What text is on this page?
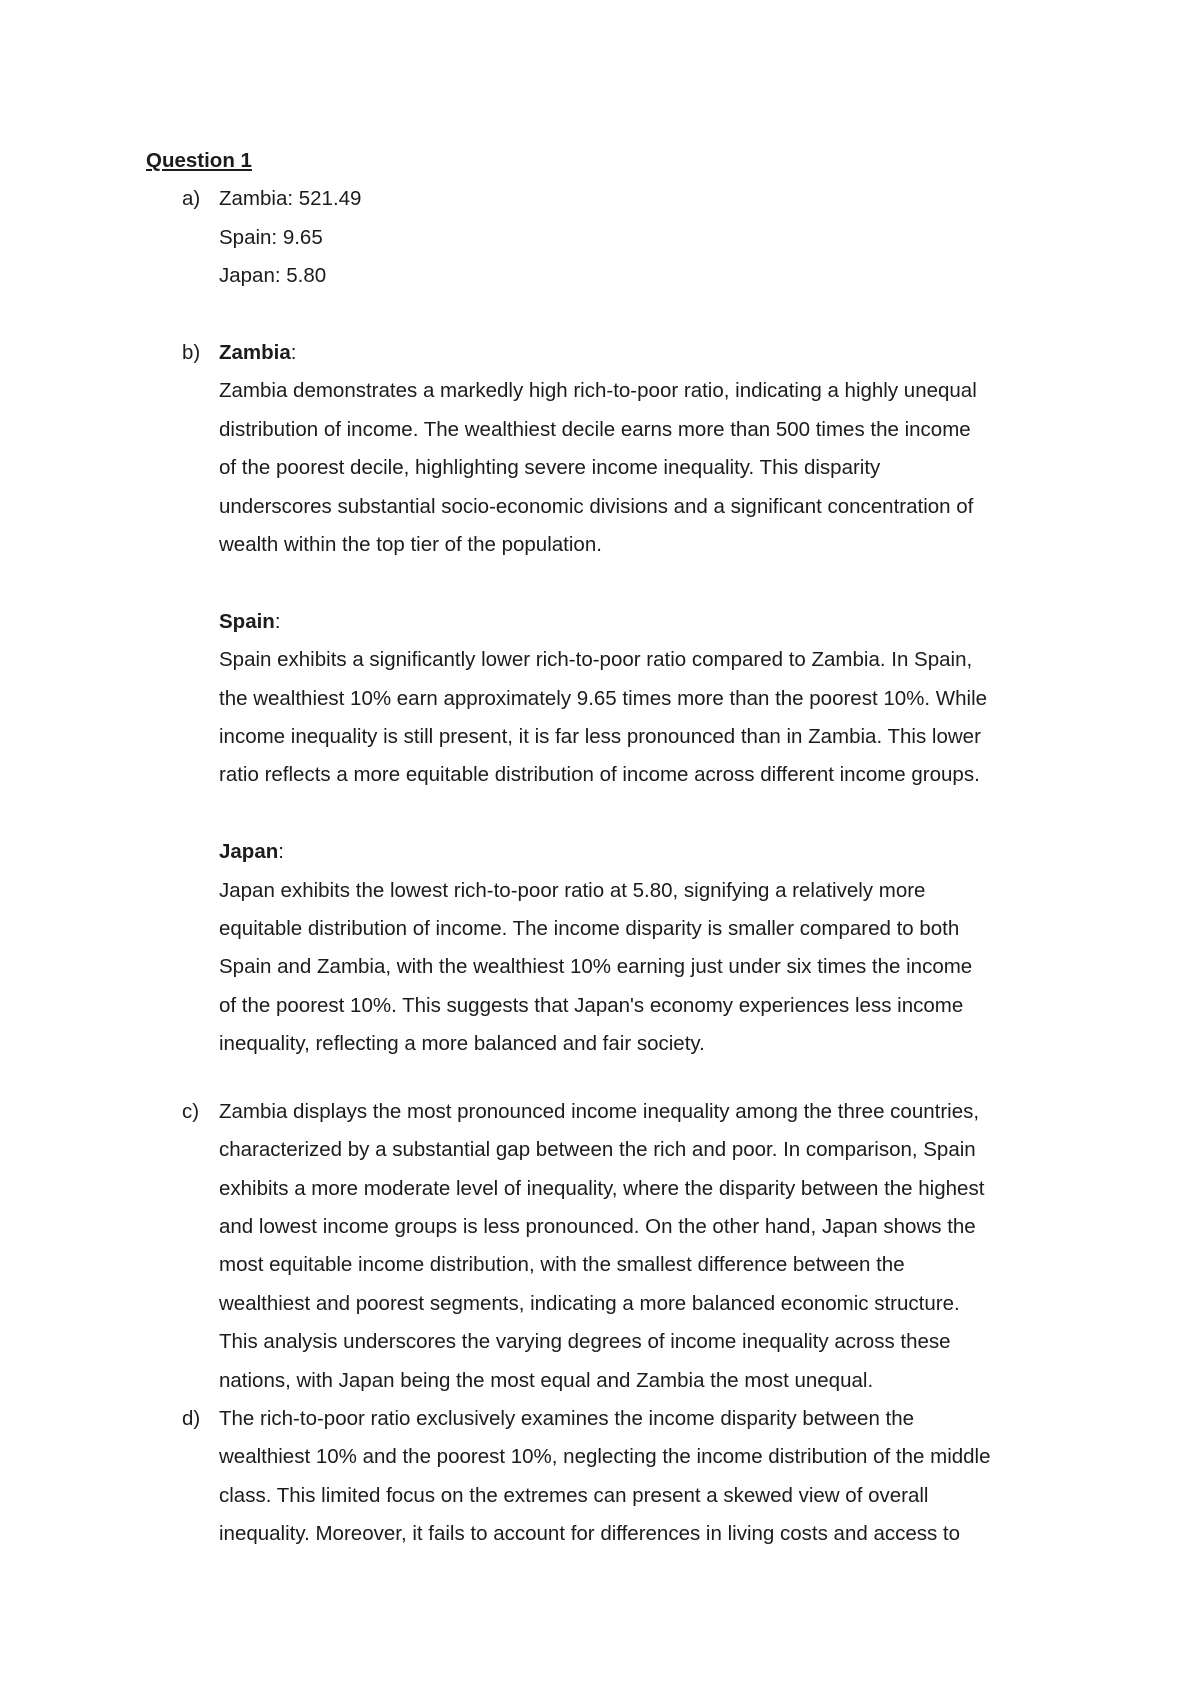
Question 1

a) Zambia: 521.49
Spain: 9.65
Japan: 5.80
b) Zambia:
Zambia demonstrates a markedly high rich-to-poor ratio, indicating a highly unequal
distribution of income. The wealthiest decile earns more than 500 times the income
of the poorest decile, highlighting severe income inequality. This disparity
underscores substantial socio-economic divisions and a significant concentration of
wealth within the top tier of the population.
Spain:
Spain exhibits a significantly lower rich-to-poor ratio compared to Zambia. In Spain,
the wealthiest 10% earn approximately 9.65 times more than the poorest 10%. While
income inequality is still present, it is far less pronounced than in Zambia. This lower
ratio reflects a more equitable distribution of income across different income groups.
Japan:
Japan exhibits the lowest rich-to-poor ratio at 5.80, signifying a relatively more
equitable distribution of income. The income disparity is smaller compared to both
Spain and Zambia, with the wealthiest 10% earning just under six times the income
of the poorest 10%. This suggests that Japan's economy experiences less income
inequality, reflecting a more balanced and fair society.
c) Zambia displays the most pronounced income inequality among the three countries,
characterized by a substantial gap between the rich and poor. In comparison, Spain
exhibits a more moderate level of inequality, where the disparity between the highest
and lowest income groups is less pronounced. On the other hand, Japan shows the
most equitable income distribution, with the smallest difference between the
wealthiest and poorest segments, indicating a more balanced economic structure.
This analysis underscores the varying degrees of income inequality across these
nations, with Japan being the most equal and Zambia the most unequal.
d) The rich-to-poor ratio exclusively examines the income disparity between the
wealthiest 10% and the poorest 10%, neglecting the income distribution of the middle
class. This limited focus on the extremes can present a skewed view of overall
inequality. Moreover, it fails to account for differences in living costs and access to
